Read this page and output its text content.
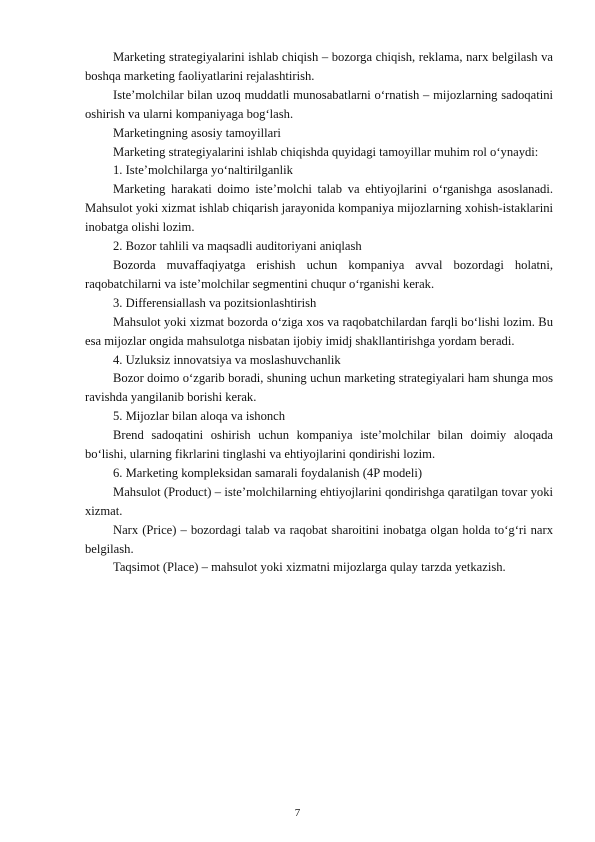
Marketing strategiyalarini ishlab chiqish – bozorga chiqish, reklama, narx belgilash va boshqa marketing faoliyatlarini rejalashtirish.

Iste’molchilar bilan uzoq muddatli munosabatlarni o‘rnatish – mijozlarning sadoqatini oshirish va ularni kompaniyaga bog‘lash.

Marketingning asosiy tamoyillari

Marketing strategiyalarini ishlab chiqishda quyidagi tamoyillar muhim rol o‘ynaydi:

1. Iste’molchilarga yo‘naltirilganlik

Marketing harakati doimo iste’molchi talab va ehtiyojlarini o‘rganishga asoslanadi. Mahsulot yoki xizmat ishlab chiqarish jarayonida kompaniya mijozlarning xohish-istaklarini inobatga olishi lozim.

2. Bozor tahlili va maqsadli auditoriyani aniqlash

Bozorda muvaffaqiyatga erishish uchun kompaniya avval bozordagi holatni, raqobatchilarni va iste’molchilar segmentini chuqur o‘rganishi kerak.

3. Differensiallash va pozitsionlashtirish

Mahsulot yoki xizmat bozorda o‘ziga xos va raqobatchilardan farqli bo‘lishi lozim. Bu esa mijozlar ongida mahsulotga nisbatan ijobiy imidj shakllantirishga yordam beradi.

4. Uzluksiz innovatsiya va moslashuvchanlik

Bozor doimo o‘zgarib boradi, shuning uchun marketing strategiyalari ham shunga mos ravishda yangilanib borishi kerak.

5. Mijozlar bilan aloqa va ishonch

Brend sadoqatini oshirish uchun kompaniya iste’molchilar bilan doimiy aloqada bo‘lishi, ularning fikrlarini tinglashi va ehtiyojlarini qondirishi lozim.

6. Marketing kompleksidan samarali foydalanish (4P modeli)

Mahsulot (Product) – iste’molchilarning ehtiyojlarini qondirishga qaratilgan tovar yoki xizmat.

Narx (Price) – bozordagi talab va raqobat sharoitini inobatga olgan holda to‘g‘ri narx belgilash.

Taqsimot (Place) – mahsulot yoki xizmatni mijozlarga qulay tarzda yetkazish.

7
